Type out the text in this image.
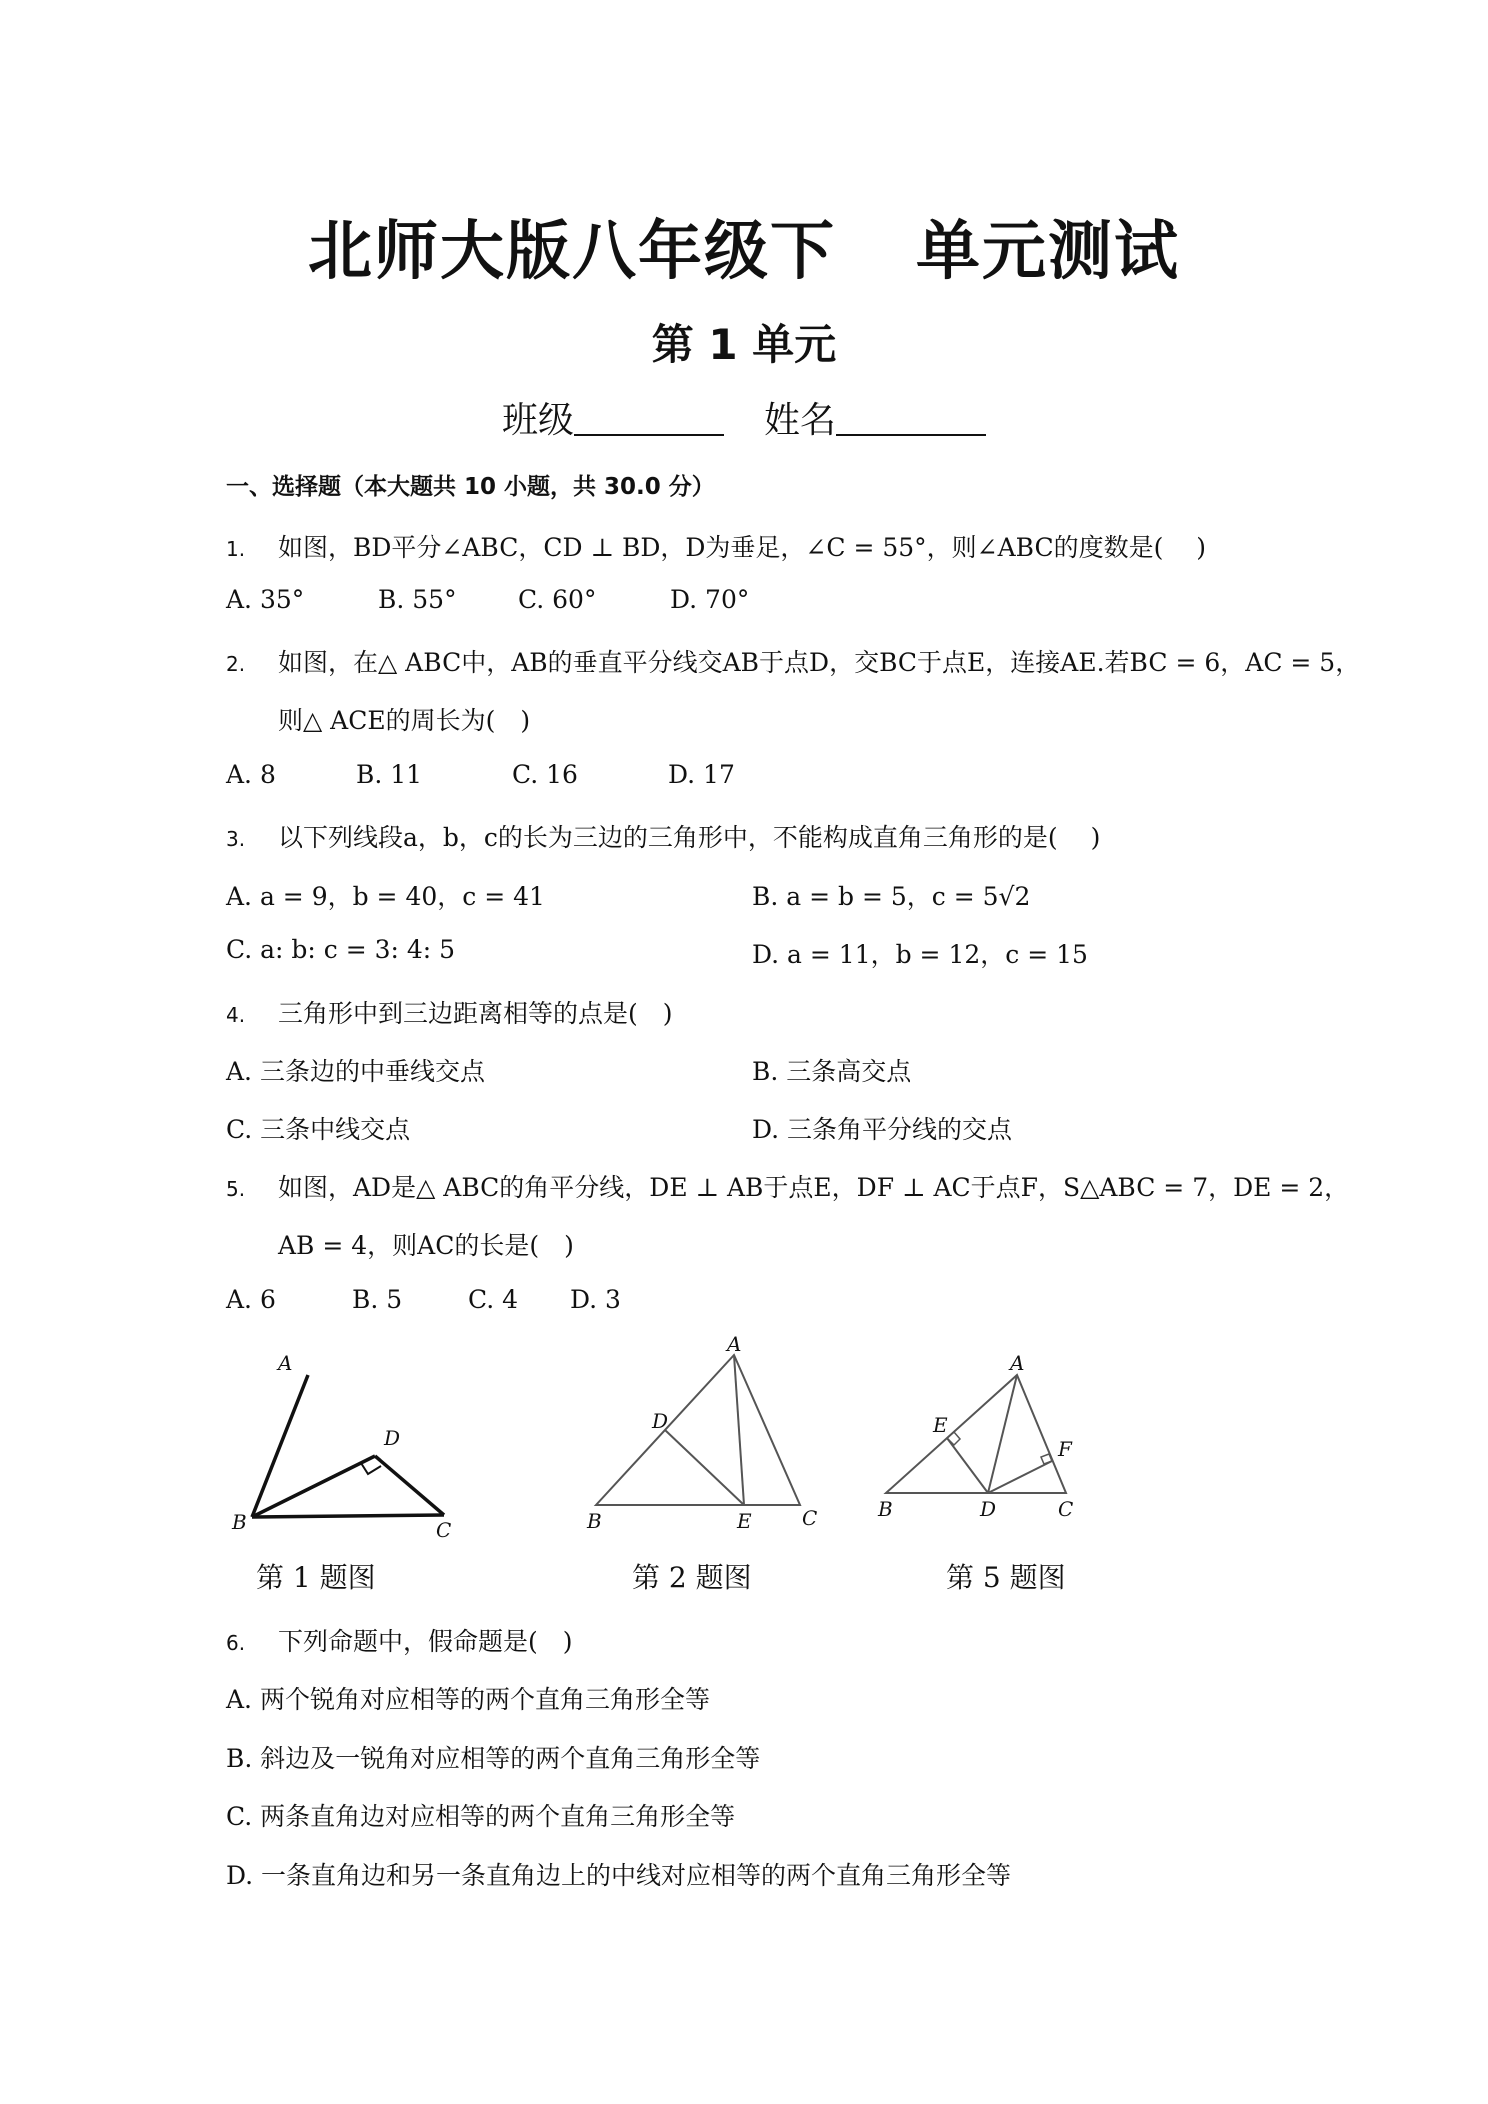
北师大版八年级下 单元测试
第 1 单元
班级	姓名
一、选择题（本大题共 10 小题，共 30.0 分）
1. 如图，BD平分∠ABC，CD ⊥ BD，D为垂足，∠C = 55°，则∠ABC的度数是(　 )
A. 35°	B. 55° C. 60°	D. 70°
2. 如图，在△ ABC中，AB的垂直平分线交AB于点D，交BC于点E，连接AE.若BC = 6，AC = 5，
则△ ACE的周长为(　)
A. 8	B. 11	C. 16	D. 17
3. 以下列线段a，b，c的长为三边的三角形中，不能构成直角三角形的是(　 )
A. a = 9，b = 40，c = 41	B. a = b = 5，c = 5√2
C. a: b: c = 3: 4: 5	D. a = 11，b = 12，c = 15
4. 三角形中到三边距离相等的点是(　)
A. 三条边的中垂线交点	B. 三条高交点
C. 三条中线交点	D. 三条角平分线的交点
5. 如图，AD是△ ABC的角平分线，DE ⊥ AB于点E，DF ⊥ AC于点F，S△ABC = 7，DE = 2，
AB = 4，则AC的长是(　)
A. 6	B. 5	C. 4 D. 3
A
B
D
C
第 1 题图
A
B	C
D
E
第 2 题图
A
B	C
D
E
F
第 5 题图
6. 下列命题中，假命题是(　)
A. 两个锐角对应相等的两个直角三角形全等
B. 斜边及一锐角对应相等的两个直角三角形全等
C. 两条直角边对应相等的两个直角三角形全等
D. 一条直角边和另一条直角边上的中线对应相等的两个直角三角形全等
